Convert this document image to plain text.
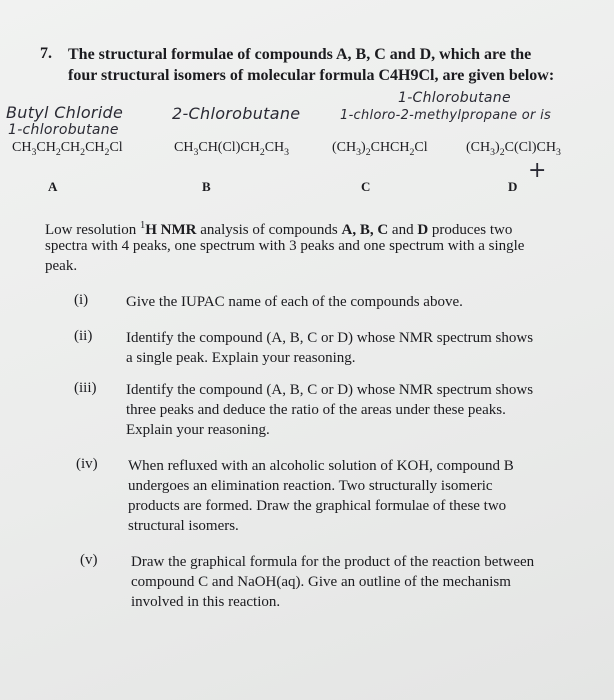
7. The structural formulae of compounds A, B, C and D, which are the
four structural isomers of molecular formula C4H9Cl, are given below:
1-Chlorobutane
Butyl Chloride	2-Chlorobutane	1-chloro-2-methylpropane or is
1-chlorobutane
$CH_3CH_2CH_2CH_2Cl$	$CH_3CH(Cl)CH_2CH_3$	$(CH_3)_2CHCH_2Cl$	$(CH_3)_2C(Cl)CH_3$
A	B	C	D
+
Low resolution $^1$H NMR analysis of compounds A, B, C and D produces two
spectra with 4 peaks, one spectrum with 3 peaks and one spectrum with a single
peak.
(i)	Give the IUPAC name of each of the compounds above.
(ii) Identify the compound (A, B, C or D) whose NMR spectrum shows
a single peak. Explain your reasoning.
(iii) Identify the compound (A, B, C or D) whose NMR spectrum shows
three peaks and deduce the ratio of the areas under these peaks.
Explain your reasoning.
(iv) When refluxed with an alcoholic solution of KOH, compound B
undergoes an elimination reaction. Two structurally isomeric
products are formed. Draw the graphical formulae of these two
structural isomers.
(v) Draw the graphical formula for the product of the reaction between
compound C and NaOH(aq). Give an outline of the mechanism
involved in this reaction.
